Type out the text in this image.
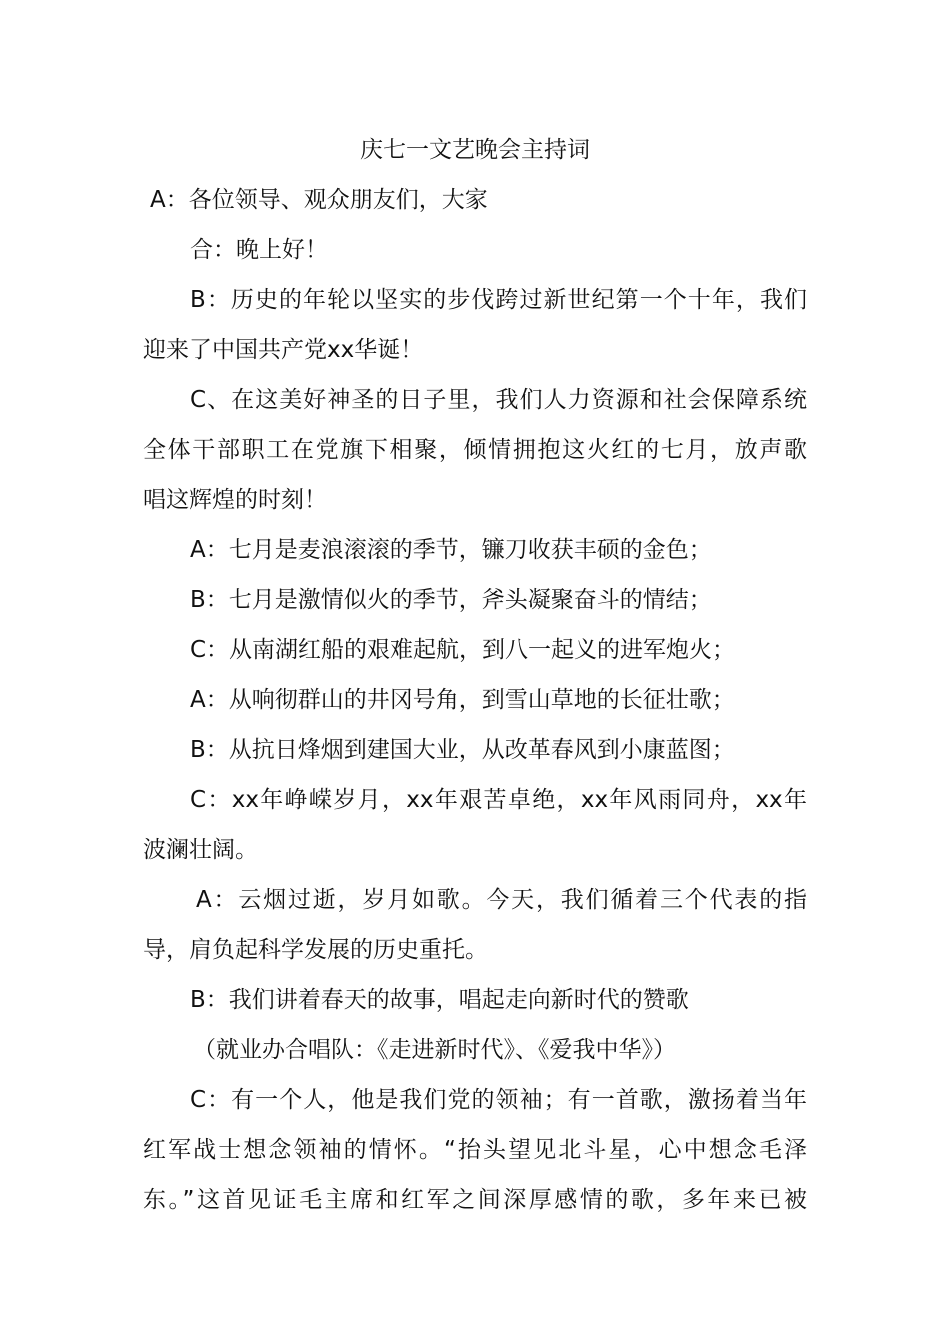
庆七一文艺晚会主持词
A：各位领导、观众朋友们，大家
合：晚上好！
B：历史的年轮以坚实的步伐跨过新世纪第一个十年，我们
迎来了中国共产党xx华诞！
C、在这美好神圣的日子里，我们人力资源和社会保障系统
全体干部职工在党旗下相聚，倾情拥抱这火红的七月，放声歌
唱这辉煌的时刻！
A：七月是麦浪滚滚的季节，镰刀收获丰硕的金色；
B：七月是激情似火的季节，斧头凝聚奋斗的情结；
C：从南湖红船的艰难起航，到八一起义的进军炮火；
A：从响彻群山的井冈号角，到雪山草地的长征壮歌；
B：从抗日烽烟到建国大业，从改革春风到小康蓝图；
C：xx年峥嵘岁月，xx年艰苦卓绝，xx年风雨同舟，xx年
波澜壮阔。
A：云烟过逝，岁月如歌。今天，我们循着三个代表的指
导，肩负起科学发展的历史重托。
B：我们讲着春天的故事，唱起走向新时代的赞歌
（就业办合唱队：《走进新时代》、《爱我中华》）
C：有一个人，他是我们党的领袖；有一首歌，激扬着当年
红军战士想念领袖的情怀。“抬头望见北斗星，心中想念毛泽
东。”这首见证毛主席和红军之间深厚感情的歌，多年来已被
